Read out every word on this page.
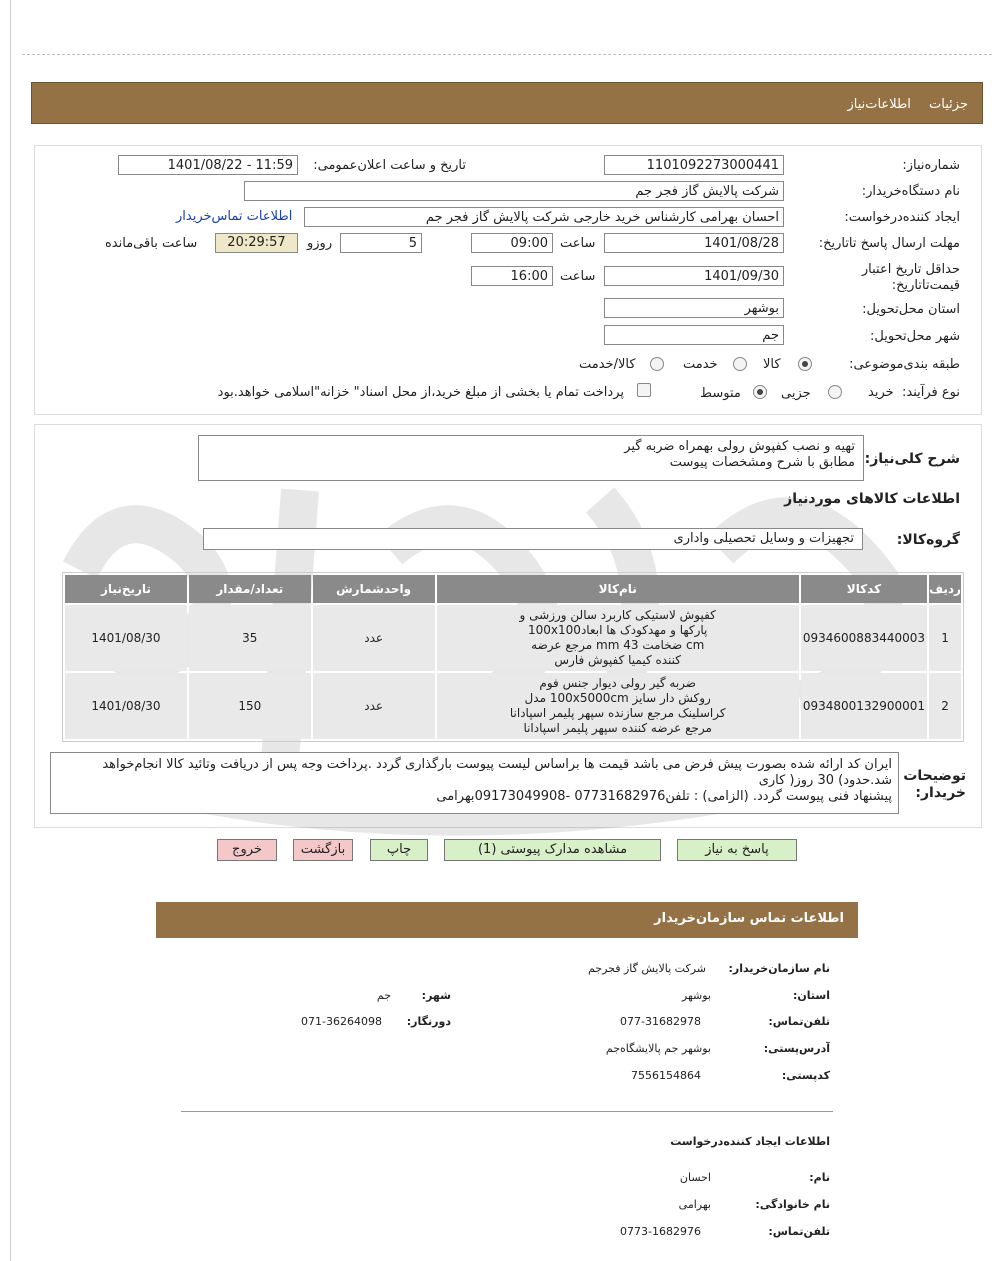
جزئیات اطلاعات‌نیاز
شماره‌نیاز:
1101092273000441
تاریخ و ساعت اعلان‌عمومی:
1401/08/22 - 11:59
نام دستگاه‌خریدار:
شرکت پالایش گاز فجر جم
ایجاد کننده‌درخواست:
احسان بهرامی کارشناس خرید خارجی شرکت پالایش گاز فجر جم
اطلاعات تماس‌خریدار
مهلت ارسال پاسخ تا‌تاریخ:
1401/08/28
ساعت
09:00
5
روزو
20:29:57
ساعت باقی‌مانده
حداقل تاریخ اعتبار قیمت‌تا‌تاریخ:
1401/09/30
ساعت
16:00
استان محل‌تحویل:
بوشهر
شهر محل‌تحویل:
جم
طبقه بندی‌موضوعی:
کالا
خدمت
کالا/خدمت
نوع فرآیند:
خرید
جزیی
متوسط
پرداخت تمام یا بخشی از مبلغ خرید،از محل اسناد" خزانه"اسلامی خواهد.بود
شرح کلی‌نیاز:
تهیه و نصب کفپوش رولی بهمراه ضربه گیر
مطابق با شرح ومشخصات پیوست
اطلاعات کالاهای موردنیاز
گروه‌کالا:
تجهیزات و وسایل تحصیلی واداری
ردیف	کدکالا	نام‌کالا	واحدشمارش	تعداد/مقدار	تاریخ‌نیاز
1	0934600883440003	کفپوش لاستیکی کاربرد سالن ورزشی و
پارکها و مهدکودک ها ابعاد100x100
cm ضخامت 43 mm مرجع عرضه
کننده کیمیا کفپوش فارس	عدد	35	1401/08/30
2	0934800132900001	ضربه گیر رولی دیوار جنس فوم
روکش دار سایز 100x5000cm مدل
کراسلینک مرجع سازنده سپهر پلیمر اسپادانا
مرجع عرضه کننده سپهر پلیمر اسپادانا	عدد	150	1401/08/30
توضیحات خریدار:
ایران کد ارائه شده بصورت پیش فرض می باشد قیمت ها براساس لیست پیوست بارگذاری گردد .پرداخت وجه پس از دریافت وتائید کالا انجام‌خواهد
شد.حدود) 30 روز( کاری
پیشنهاد فنی پیوست گردد. (الزامی) : تلفن07731682976 -09173049908بهرامی
پاسخ به نیاز
مشاهده مدارک پیوستی (1)
چاپ
بازگشت
خروج
اطلاعات تماس سازمان‌خریدار
نام سازمان‌خریدار:
شرکت پالایش گاز فجرجم
استان:
بوشهر
شهر:
جم
تلفن‌تماس:
077-31682978
دورنگار:
071-36264098
آدرس‌پستی:
بوشهر جم پالایشگاه‌جم
کدپستی:
7556154864
اطلاعات ایجاد کننده‌درخواست
نام:
احسان
نام خانوادگی:
بهرامی
تلفن‌تماس:
0773-1682976
